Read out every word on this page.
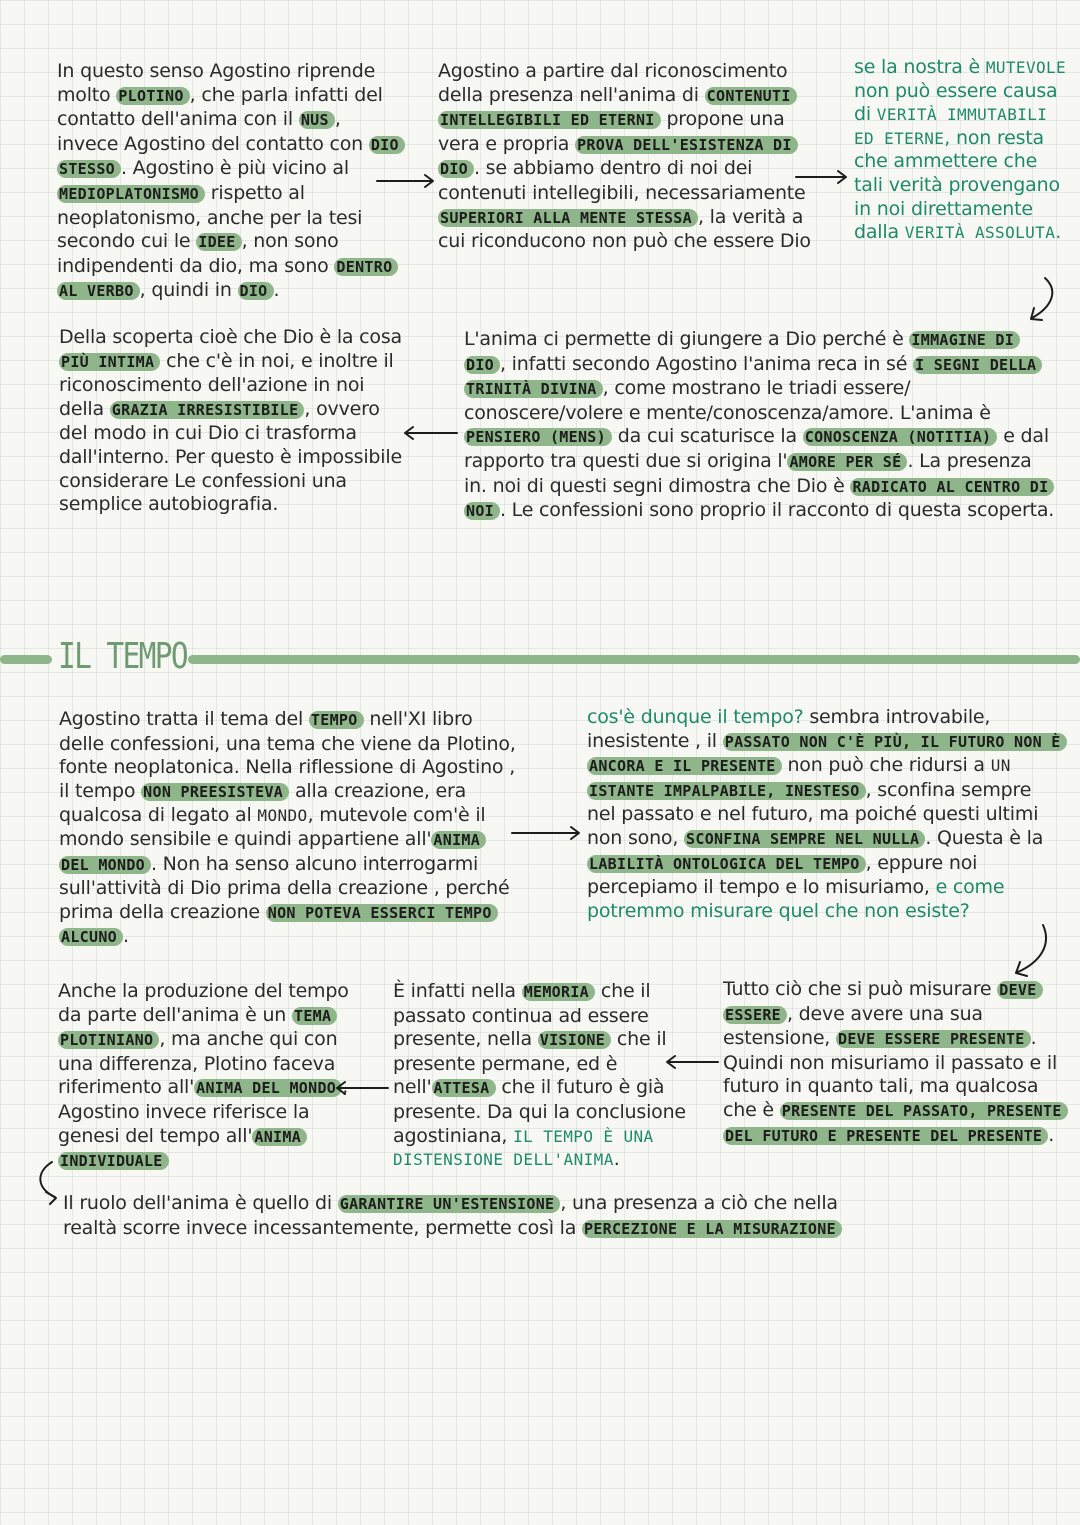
In questo senso Agostino riprende molto PLOTINO , che parla infatti del contatto dell'anima con il NUS , invece Agostino del contatto con DIO STESSO . Agostino è più vicino al MEDIOPLATONISMO rispetto al neoplatonismo, anche per la tesi secondo cui le IDEE , non sono indipendenti da dio, ma sono DENTRO AL VERBO , quindi in DIO .
Agostino a partire dal riconoscimento della presenza nell'anima di CONTENUTI INTELLEGIBILI ED ETERNI propone una vera e propria PROVA DELL'ESISTENZA DI DIO . se abbiamo dentro di noi dei contenuti intellegibili, necessariamente SUPERIORI ALLA MENTE STESSA , la verità a cui riconducono non può che essere Dio
se la nostra è MUTEVOLE non può essere causa di VERITÀ IMMUTABILI ED ETERNE, non resta che ammettere che tali verità provengano in noi direttamente dalla VERITÀ ASSOLUTA.
Della scoperta cioè che Dio è la cosa PIÙ INTIMA che c'è in noi, e inoltre il riconoscimento dell'azione in noi della GRAZIA IRRESISTIBILE , ovvero del modo in cui Dio ci trasforma dall'interno. Per questo è impossibile considerare Le confessioni una semplice autobiografia.
L'anima ci permette di giungere a Dio perché è IMMAGINE DI DIO , infatti secondo Agostino l'anima reca in sé I SEGNI DELLA TRINITÀ DIVINA , come mostrano le triadi essere/ conoscere/volere e mente/conoscenza/amore. L'anima è PENSIERO (MENS) da cui scaturisce la CONOSCENZA (NOTITIA) e dal rapporto tra questi due si origina l' AMORE PER SÉ . La presenza in. noi di questi segni dimostra che Dio è RADICATO AL CENTRO DI NOI . Le confessioni sono proprio il racconto di questa scoperta.
IL TEMPO
Agostino tratta il tema del TEMPO nell'XI libro delle confessioni, una tema che viene da Plotino, fonte neoplatonica. Nella riflessione di Agostino , il tempo NON PREESISTEVA alla creazione, era qualcosa di legato al MONDO, mutevole com'è il mondo sensibile e quindi appartiene all' ANIMA DEL MONDO . Non ha senso alcuno interrogarmi sull'attività di Dio prima della creazione , perché prima della creazione NON POTEVA ESSERCI TEMPO ALCUNO .
cos'è dunque il tempo? sembra introvabile, inesistente , il PASSATO NON C'È PIÙ, IL FUTURO NON È ANCORA E IL PRESENTE non può che ridursi a UN ISTANTE IMPALPABILE, INESTESO , sconfina sempre nel passato e nel futuro, ma poiché questi ultimi non sono, SCONFINA SEMPRE NEL NULLA . Questa è la LABILITÀ ONTOLOGICA DEL TEMPO , eppure noi percepiamo il tempo e lo misuriamo, e come potremmo misurare quel che non esiste?
Anche la produzione del tempo da parte dell'anima è un TEMA PLOTINIANO , ma anche qui con una differenza, Plotino faceva riferimento all' ANIMA DEL MONDO , Agostino invece riferisce la genesi del tempo all' ANIMA INDIVIDUALE
È infatti nella MEMORIA che il passato continua ad essere presente, nella VISIONE che il presente permane, ed è nell' ATTESA che il futuro è già presente. Da qui la conclusione agostiniana, IL TEMPO È UNA DISTENSIONE DELL'ANIMA.
Tutto ciò che si può misurare DEVE ESSERE , deve avere una sua estensione, DEVE ESSERE PRESENTE . Quindi non misuriamo il passato e il futuro in quanto tali, ma qualcosa che è PRESENTE DEL PASSATO, PRESENTE DEL FUTURO E PRESENTE DEL PRESENTE .
Il ruolo dell'anima è quello di GARANTIRE UN'ESTENSIONE , una presenza a ciò che nella realtà scorre invece incessantemente, permette così la PERCEZIONE E LA MISURAZIONE
